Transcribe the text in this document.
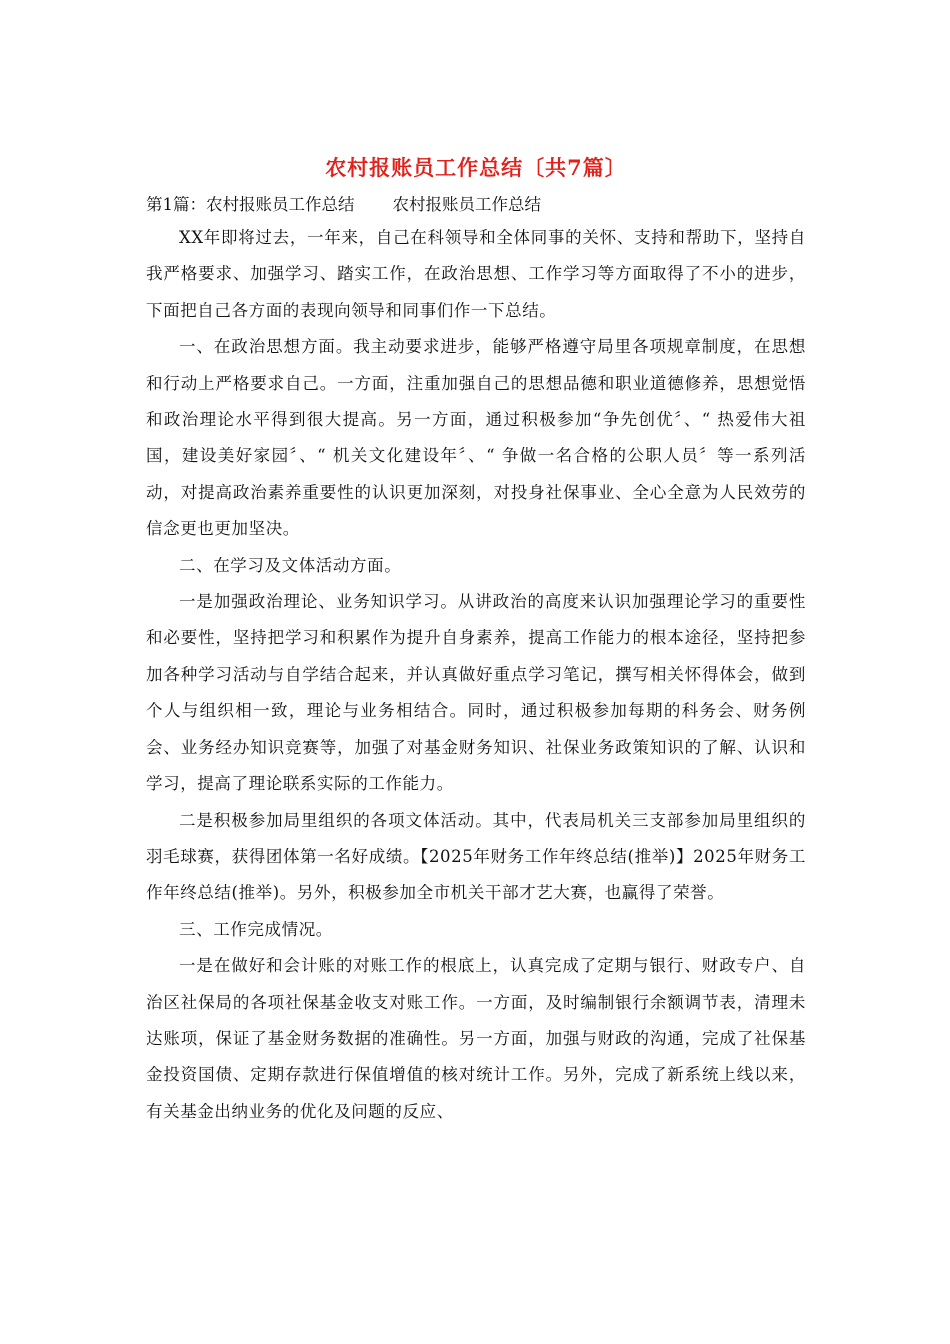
农村报账员工作总结〔共7篇〕

第1篇：农村报账员工作总结 农村报账员工作总结

XX年即将过去，一年来，自己在科领导和全体同事的关怀、支持和帮助下，坚持自我严格要求、加强学习、踏实工作，在政治思想、工作学习等方面取得了不小的进步，下面把自己各方面的表现向领导和同事们作一下总结。

一、在政治思想方面。我主动要求进步，能够严格遵守局里各项规章制度，在思想和行动上严格要求自己。一方面，注重加强自己的思想品德和职业道德修养，思想觉悟和政治理论水平得到很大提高。另一方面，通过积极参加“争先创优〞、“ 热爱伟大祖国，建设美好家园〞、“ 机关文化建设年〞、“ 争做一名合格的公职人员〞等一系列活动，对提高政治素养重要性的认识更加深刻，对投身社保事业、全心全意为人民效劳的信念更也更加坚决。

二、在学习及文体活动方面。

一是加强政治理论、业务知识学习。从讲政治的高度来认识加强理论学习的重要性和必要性，坚持把学习和积累作为提升自身素养，提高工作能力的根本途径，坚持把参加各种学习活动与自学结合起来，并认真做好重点学习笔记，撰写相关怀得体会，做到个人与组织相一致，理论与业务相结合。同时，通过积极参加每期的科务会、财务例会、业务经办知识竞赛等，加强了对基金财务知识、社保业务政策知识的了解、认识和学习，提高了理论联系实际的工作能力。

二是积极参加局里组织的各项文体活动。其中，代表局机关三支部参加局里组织的羽毛球赛，获得团体第一名好成绩。【2025年财务工作年终总结(推举)】2025年财务工作年终总结(推举)。另外，积极参加全市机关干部才艺大赛，也赢得了荣誉。

三、工作完成情况。

一是在做好和会计账的对账工作的根底上，认真完成了定期与银行、财政专户、自治区社保局的各项社保基金收支对账工作。一方面，及时编制银行余额调节表，清理未达账项，保证了基金财务数据的准确性。另一方面，加强与财政的沟通，完成了社保基金投资国债、定期存款进行保值增值的核对统计工作。另外，完成了新系统上线以来，有关基金出纳业务的优化及问题的反应、
